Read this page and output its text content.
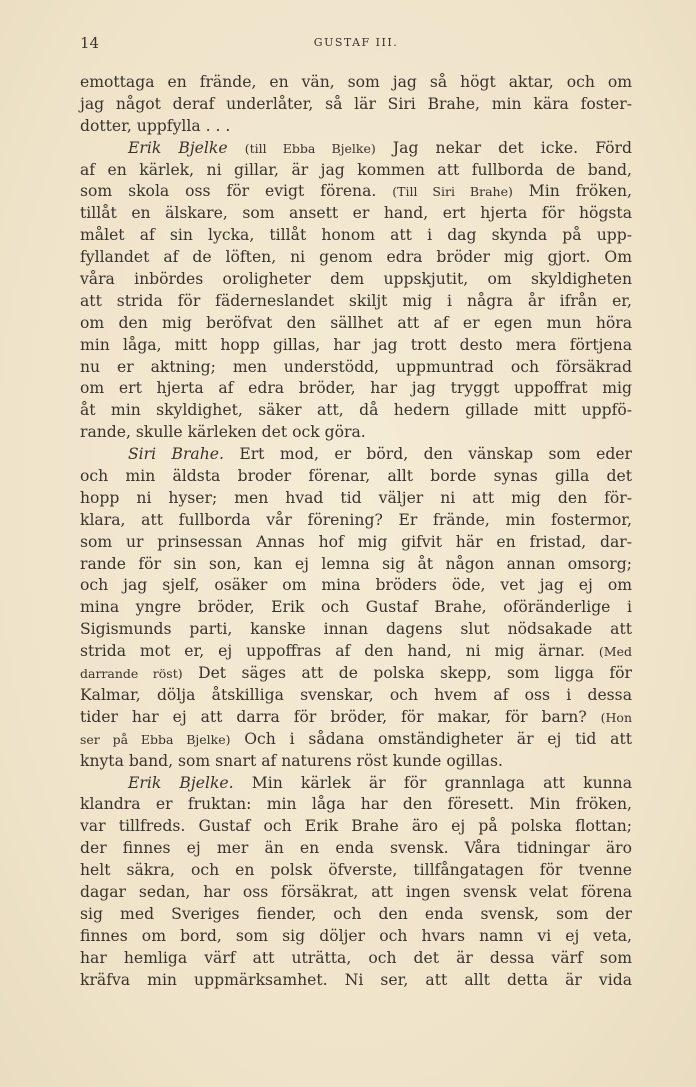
14	GUSTAF III.
emottaga en frände, en vän, som jag så högt aktar, och om
jag något deraf underlåter, så lär Siri Brahe, min kära foster-
dotter, uppfylla . . .
Erik Bjelke (till Ebba Bjelke) Jag nekar det icke. Förd
af en kärlek, ni gillar, är jag kommen att fullborda de band,
som skola oss för evigt förena. (Till Siri Brahe) Min fröken,
tillåt en älskare, som ansett er hand, ert hjerta för högsta
målet af sin lycka, tillåt honom att i dag skynda på upp-
fyllandet af de löften, ni genom edra bröder mig gjort. Om
våra inbördes oroligheter dem uppskjutit, om skyldigheten
att strida för fäderneslandet skiljt mig i några år ifrån er,
om den mig beröfvat den sällhet att af er egen mun höra
min låga, mitt hopp gillas, har jag trott desto mera förtjena
nu er aktning; men understödd, uppmuntrad och försäkrad
om ert hjerta af edra bröder, har jag tryggt uppoffrat mig
åt min skyldighet, säker att, då hedern gillade mitt uppfö-
rande, skulle kärleken det ock göra.
Siri Brahe. Ert mod, er börd, den vänskap som eder
och min äldsta broder förenar, allt borde synas gilla det
hopp ni hyser; men hvad tid väljer ni att mig den för-
klara, att fullborda vår förening? Er frände, min fostermor,
som ur prinsessan Annas hof mig gifvit här en fristad, dar-
rande för sin son, kan ej lemna sig åt någon annan omsorg;
och jag sjelf, osäker om mina bröders öde, vet jag ej om
mina yngre bröder, Erik och Gustaf Brahe, oföränderlige i
Sigismunds parti, kanske innan dagens slut nödsakade att
strida mot er, ej uppoffras af den hand, ni mig ärnar. (Med
darrande röst) Det säges att de polska skepp, som ligga för
Kalmar, dölja åtskilliga svenskar, och hvem af oss i dessa
tider har ej att darra för bröder, för makar, för barn? (Hon
ser på Ebba Bjelke) Och i sådana omständigheter är ej tid att
knyta band, som snart af naturens röst kunde ogillas.
Erik Bjelke. Min kärlek är för grannlaga att kunna
klandra er fruktan: min låga har den föresett. Min fröken,
var tillfreds. Gustaf och Erik Brahe äro ej på polska flottan;
der finnes ej mer än en enda svensk. Våra tidningar äro
helt säkra, och en polsk öfverste, tillfångatagen för tvenne
dagar sedan, har oss försäkrat, att ingen svensk velat förena
sig med Sveriges fiender, och den enda svensk, som der
finnes om bord, som sig döljer och hvars namn vi ej veta,
har hemliga värf att uträtta, och det är dessa värf som
kräfva min uppmärksamhet. Ni ser, att allt detta är vida
